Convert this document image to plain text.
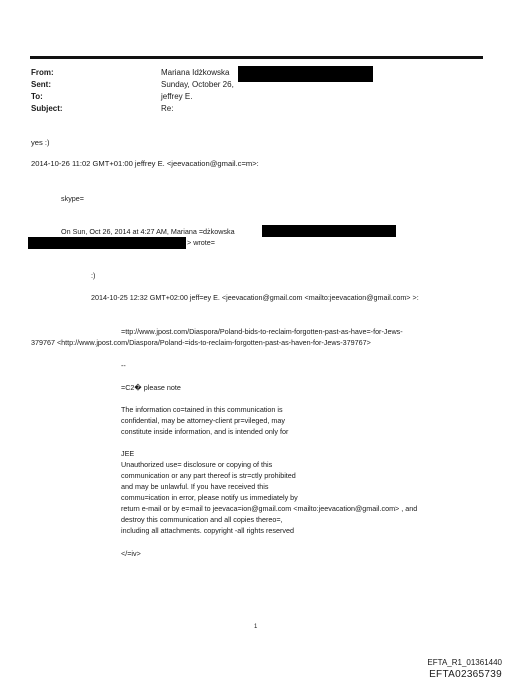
From:	Mariana Idżkowska
Sent:	Sunday, October 26,
To:	jeffrey E.
Subject:	Re:
yes :)
2014-10-26 11:02 GMT+01:00 jeffrey E. <jeevacation@gmail.c=m>:
skype=
On Sun, Oct 26, 2014 at 4:27 AM, Mariana =dżkowska
> wrote=
:)
2014-10-25 12:32 GMT+02:00 jeff=ey E. <jeevacation@gmail.com <mailto:jeevacation@gmail.com> >:
=ttp://www.jpost.com/Diaspora/Poland-bids-to-reclaim-forgotten-past-as-have=-for-Jews-
379767 <http://www.jpost.com/Diaspora/Poland-=ids-to-reclaim-forgotten-past-as-haven-for-Jews-379767>
--
=C2� please note
The information co=tained in this communication is
confidential, may be attorney-client pr=vileged, may
constitute inside information, and is intended only for
JEE
Unauthorized use= disclosure or copying of this
communication or any part thereof is str=ctly prohibited
and may be unlawful. If you have received this
commu=ication in error, please notify us immediately by
return e-mail or by e=mail to jeevaca=ion@gmail.com <mailto:jeevacation@gmail.com> , and
destroy this communication and all copies thereo=,
including all attachments. copyright -all rights reserved
</=iv>
1
EFTA_R1_01361440
EFTA02365739
